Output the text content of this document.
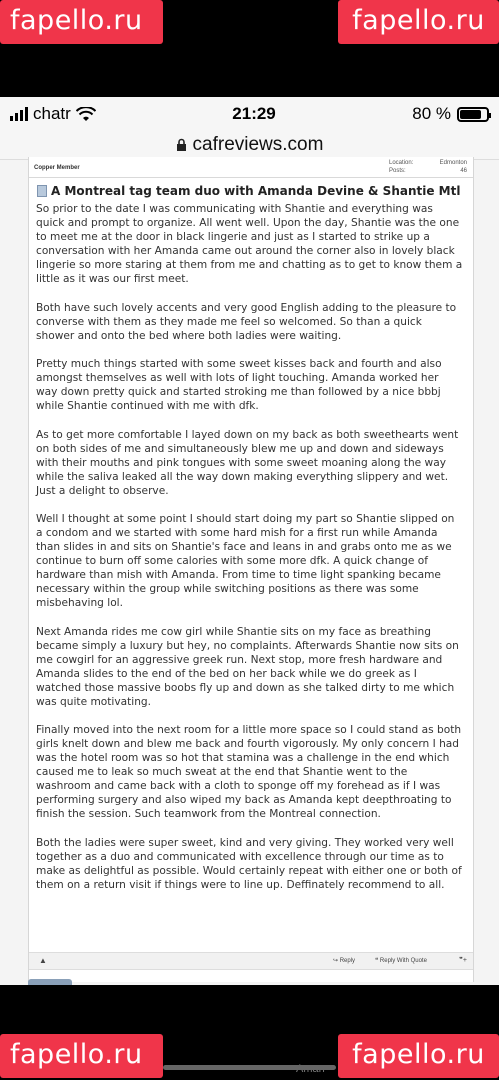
fapello.ru	fapello.ru
chatr	21:29	80 %
cafreviews.com
Copper Member
Location:	Edmonton
Posts:	46
A Montreal tag team duo with Amanda Devine & Shantie Mtl

So prior to the date I was communicating with Shantie and everything was quick and prompt to organize. All went well. Upon the day, Shantie was the one to meet me at the door in black lingerie and just as I started to strike up a conversation with her Amanda came out around the corner also in lovely black lingerie so more staring at them from me and chatting as to get to know them a little as it was our first meet.

Both have such lovely accents and very good English adding to the pleasure to converse with them as they made me feel so welcomed. So than a quick shower and onto the bed where both ladies were waiting.

Pretty much things started with some sweet kisses back and fourth and also amongst themselves as well with lots of light touching. Amanda worked her way down pretty quick and started stroking me than followed by a nice bbbj while Shantie continued with me with dfk.

As to get more comfortable I layed down on my back as both sweethearts went on both sides of me and simultaneously blew me up and down and sideways with their mouths and pink tongues with some sweet moaning along the way while the saliva leaked all the way down making everything slippery and wet. Just a delight to observe.

Well I thought at some point I should start doing my part so Shantie slipped on a condom and we started with some hard mish for a first run while Amanda than slides in and sits on Shantie's face and leans in and grabs onto me as we continue to burn off some calories with some more dfk. A quick change of hardware than mish with Amanda. From time to time light spanking became necessary within the group while switching positions as there was some misbehaving lol.

Next Amanda rides me cow girl while Shantie sits on my face as breathing became simply a luxury but hey, no complaints. Afterwards Shantie now sits on me cowgirl for an aggressive greek run. Next stop, more fresh hardware and Amanda slides to the end of the bed on her back while we do greek as I watched those massive boobs fly up and down as she talked dirty to me which was quite motivating.

Finally moved into the next room for a little more space so I could stand as both girls knelt down and blew me back and fourth vigorously. My only concern I had was the hotel room was so hot that stamina was a challenge in the end which caused me to leak so much sweat at the end that Shantie went to the washroom and came back with a cloth to sponge off my forehead as if I was performing surgery and also wiped my back as Amanda kept deepthroating to finish the session. Such teamwork from the Montreal connection.

Both the ladies were super sweet, kind and very giving. They worked very well together as a duo and communicated with excellence through our time as to make as delightful as possible. Would certainly repeat with either one or both of them on a return visit if things were to line up. Deffinately recommend to all.

▲	↪ Reply	❝ Reply With Quote	❞+
fapello.ru	fapello.ru
